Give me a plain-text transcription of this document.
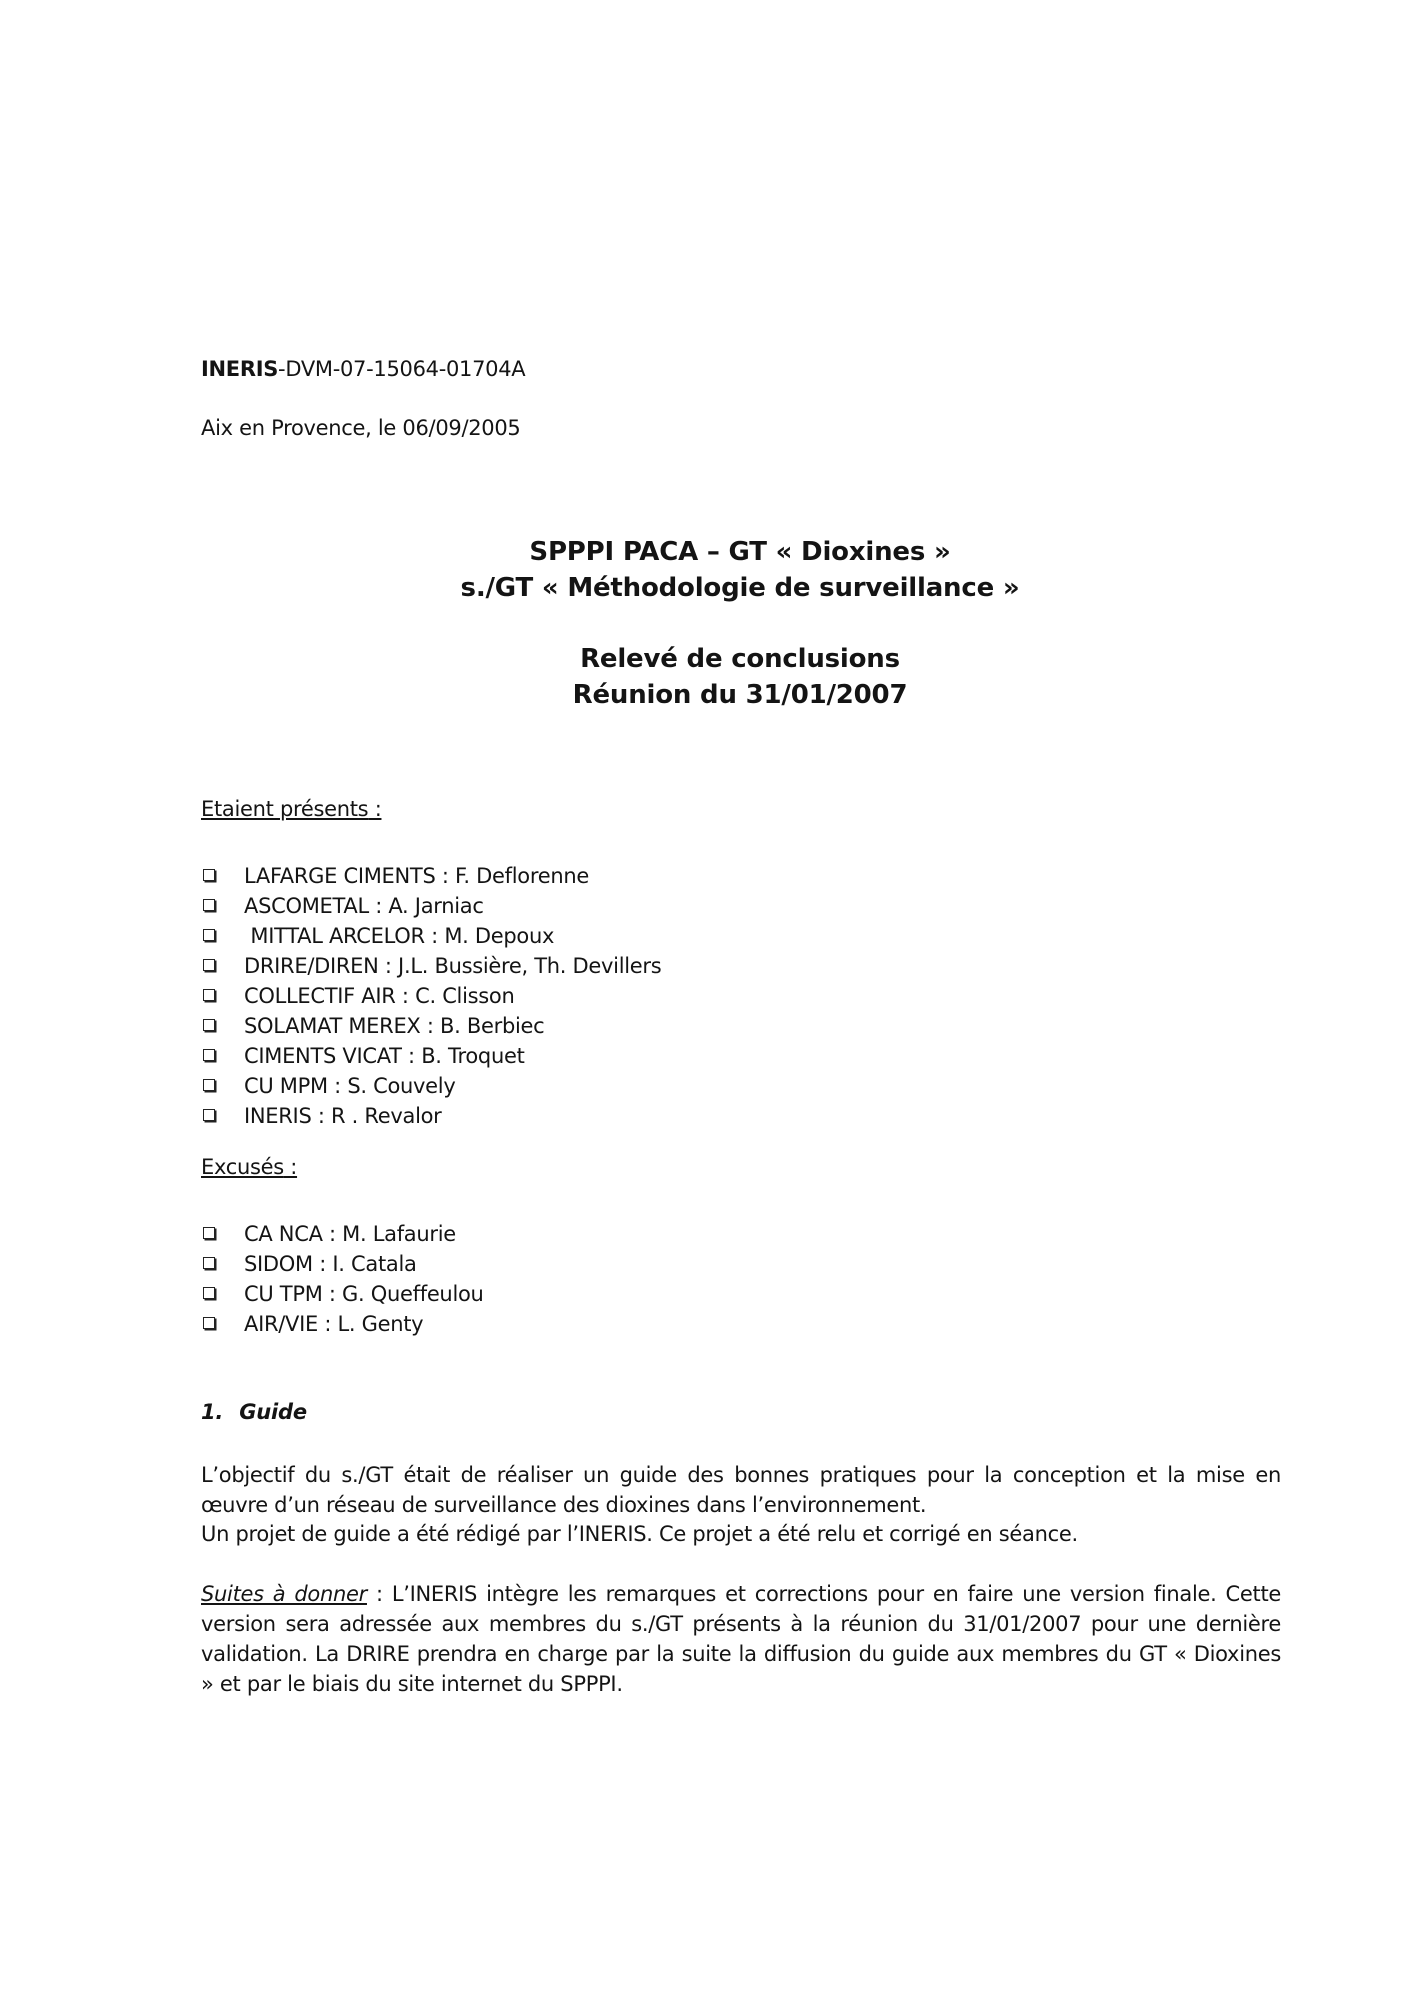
INERIS-DVM-07-15064-01704A
Aix en Provence, le 06/09/2005
SPPPI PACA – GT « Dioxines »
s./GT « Méthodologie de surveillance »
Relevé de conclusions
Réunion du 31/01/2007
Etaient présents :
LAFARGE CIMENTS : F. Deflorenne
ASCOMETAL : A. Jarniac
MITTAL ARCELOR : M. Depoux
DRIRE/DIREN : J.L. Bussière, Th. Devillers
COLLECTIF AIR : C. Clisson
SOLAMAT MEREX : B. Berbiec
CIMENTS VICAT : B. Troquet
CU MPM : S. Couvely
INERIS : R . Revalor
Excusés :
CA NCA : M. Lafaurie
SIDOM : I. Catala
CU TPM : G. Queffeulou
AIR/VIE : L. Genty
1. Guide

L’objectif du s./GT était de réaliser un guide des bonnes pratiques pour la conception et la mise en œuvre d’un réseau de surveillance des dioxines dans l’environnement.

Un projet de guide a été rédigé par l’INERIS. Ce projet a été relu et corrigé en séance.

Suites à donner : L’INERIS intègre les remarques et corrections pour en faire une version finale. Cette version sera adressée aux membres du s./GT présents à la réunion du 31/01/2007 pour une dernière validation. La DRIRE prendra en charge par la suite la diffusion du guide aux membres du GT « Dioxines » et par le biais du site internet du SPPPI.
